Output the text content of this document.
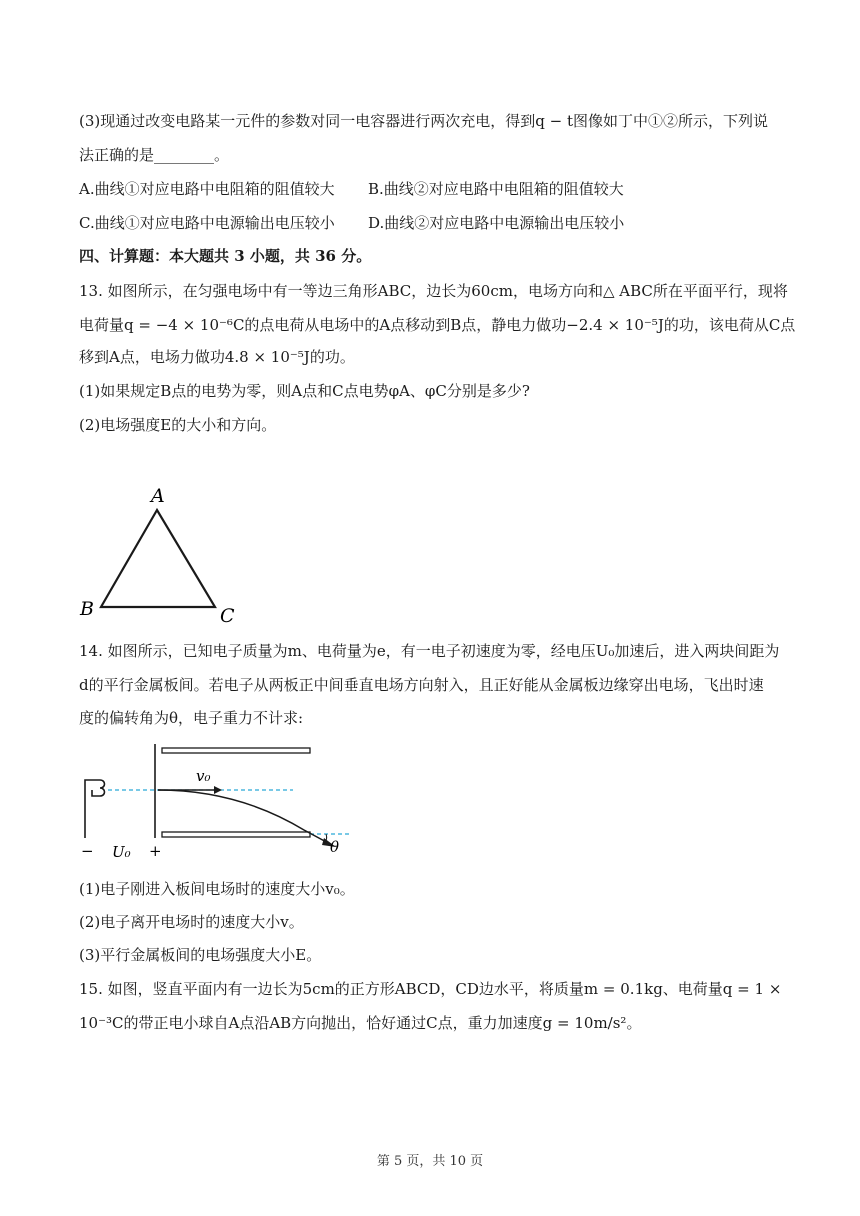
(3)现通过改变电路某一元件的参数对同一电容器进行两次充电，得到q − t图像如丁中①②所示，下列说
法正确的是________。
A.曲线①对应电路中电阻箱的阻值较大 B.曲线②对应电路中电阻箱的阻值较大
C.曲线①对应电路中电源输出电压较小 D.曲线②对应电路中电源输出电压较小
四、计算题：本大题共 3 小题，共 36 分。
13. 如图所示，在匀强电场中有一等边三角形ABC，边长为60cm，电场方向和△ ABC所在平面平行，现将
电荷量q = −4 × 10⁻⁶C的点电荷从电场中的A点移动到B点，静电力做功−2.4 × 10⁻⁵J的功，该电荷从C点
移到A点，电场力做功4.8 × 10⁻⁵J的功。
(1)如果规定B点的电势为零，则A点和C点电势φA、φC分别是多少?
(2)电场强度E的大小和方向。
A
B	C
14. 如图所示，已知电子质量为m、电荷量为e，有一电子初速度为零，经电压U₀加速后，进入两块间距为
d的平行金属板间。若电子从两板正中间垂直电场方向射入，且正好能从金属板边缘穿出电场，飞出时速
度的偏转角为θ，电子重力不计求:
v₀
θ
− U₀ +
(1)电子刚进入板间电场时的速度大小v₀。
(2)电子离开电场时的速度大小v。
(3)平行金属板间的电场强度大小E。
15. 如图，竖直平面内有一边长为5cm的正方形ABCD，CD边水平，将质量m = 0.1kg、电荷量q = 1 ×
10⁻³C的带正电小球自A点沿AB方向抛出，恰好通过C点，重力加速度g = 10m/s²。
第 5 页，共 10 页
